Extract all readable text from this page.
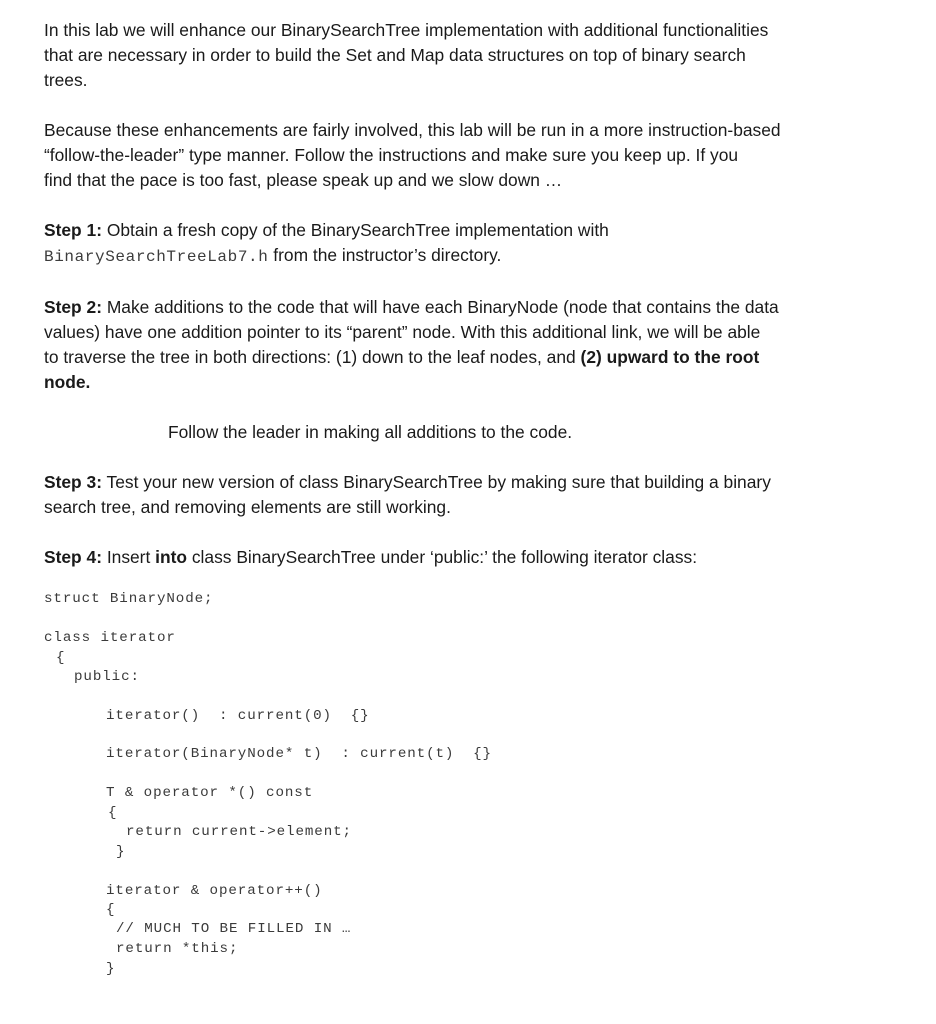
In this lab we will enhance our BinarySearchTree implementation with additional functionalities
that are necessary in order to build the Set and Map data structures on top of binary search
trees.

Because these enhancements are fairly involved, this lab will be run in a more instruction-based
“follow-the-leader” type manner. Follow the instructions and make sure you keep up. If you
find that the pace is too fast, please speak up and we slow down …

Step 1: Obtain a fresh copy of the BinarySearchTree implementation with
BinarySearchTreeLab7.h from the instructor’s directory.

Step 2: Make additions to the code that will have each BinaryNode (node that contains the data
values) have one addition pointer to its “parent” node. With this additional link, we will be able
to traverse the tree in both directions: (1) down to the leaf nodes, and (2) upward to the root
node.

Follow the leader in making all additions to the code.

Step 3: Test your new version of class BinarySearchTree by making sure that building a binary
search tree, and removing elements are still working.

Step 4: Insert into class BinarySearchTree under ‘public:’ the following iterator class:

struct BinaryNode;
class iterator
{
public:
iterator()  : current(0)  {}
iterator(BinaryNode* t)  : current(t)  {}
T & operator *() const
{
return current->element;
}
iterator & operator++()
{
// MUCH TO BE FILLED IN …
return *this;
}
